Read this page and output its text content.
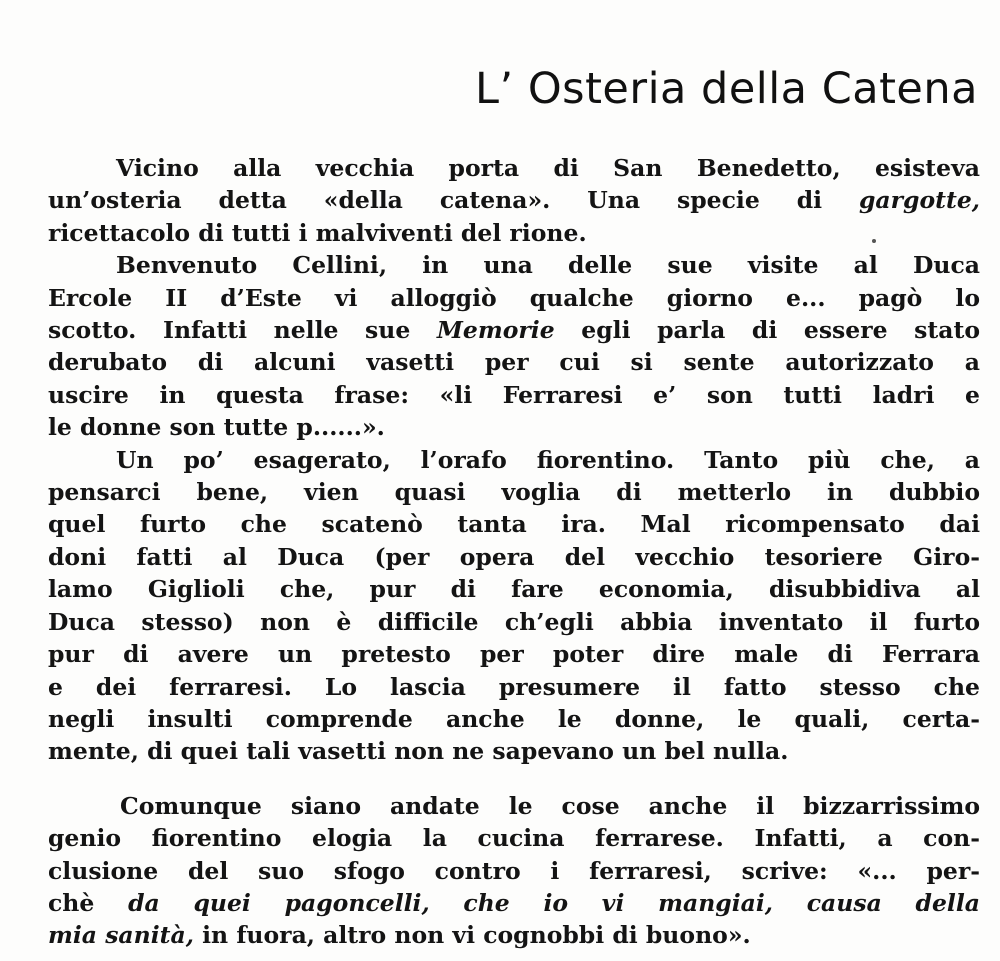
L’ Osteria della Catena
Vicino alla vecchia porta di San Benedetto, esisteva
un’osteria detta «della catena». Una specie di gargotte,
ricettacolo di tutti i malviventi del rione.
Benvenuto Cellini, in una delle sue visite al Duca
Ercole II d’Este vi alloggiò qualche giorno e... pagò lo
scotto. Infatti nelle sue Memorie egli parla di essere stato
derubato di alcuni vasetti per cui si sente autorizzato a
uscire in questa frase: «li Ferraresi e’ son tutti ladri e
le donne son tutte p......».
Un po’ esagerato, l’orafo fiorentino. Tanto più che, a
pensarci bene, vien quasi voglia di metterlo in dubbio
quel furto che scatenò tanta ira. Mal ricompensato dai
doni fatti al Duca (per opera del vecchio tesoriere Giro-
lamo Giglioli che, pur di fare economia, disubbidiva al
Duca stesso) non è difficile ch’egli abbia inventato il furto
pur di avere un pretesto per poter dire male di Ferrara
e dei ferraresi. Lo lascia presumere il fatto stesso che
negli insulti comprende anche le donne, le quali, certa-
mente, di quei tali vasetti non ne sapevano un bel nulla.
Comunque siano andate le cose anche il bizzarrissimo
genio fiorentino elogia la cucina ferrarese. Infatti, a con-
clusione del suo sfogo contro i ferraresi, scrive: «... per-
chè da quei pagoncelli, che io vi mangiai, causa della
mia sanità, in fuora, altro non vi cognobbi di buono».
